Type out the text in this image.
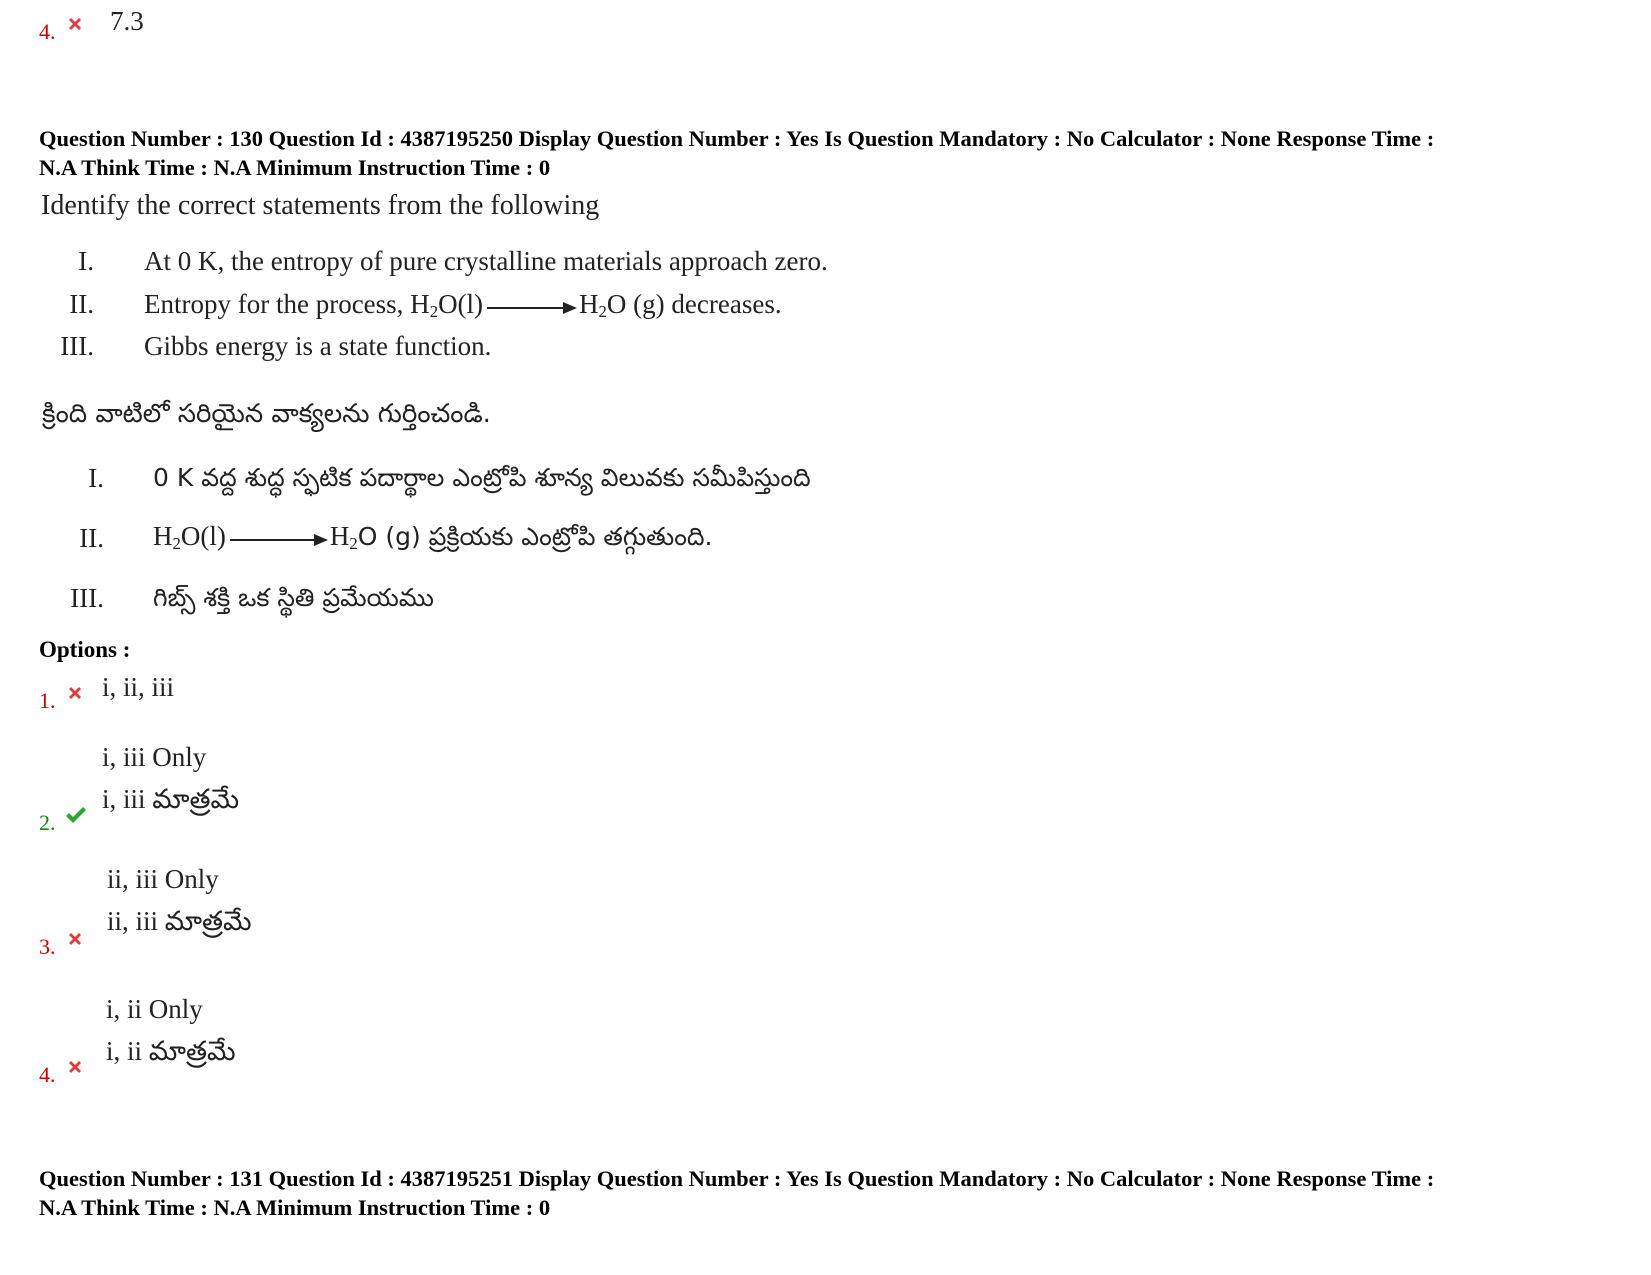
4. 7.3
Question Number : 130 Question Id : 4387195250 Display Question Number : Yes Is Question Mandatory : No Calculator : None Response Time :
N.A Think Time : N.A Minimum Instruction Time : 0
Identify the correct statements from the following
I. At 0 K, the entropy of pure crystalline materials approach zero.
II. Entropy for the process, $H_2O(l) \to H_2O$ (g) decreases.
III. Gibbs energy is a state function.
క్రింది వాటిలో సరియైన వాక్యలను గుర్తించండి.
I. 0 K వద్ద శుద్ధ స్ఫటిక పదార్థాల ఎంట్రోపి శూన్య విలువకు సమీపిస్తుంది
II. $H_2O(l) \to H_2O$ (g) ప్రక్రియకు ఎంట్రోపి తగ్గుతుంది.
III. గిబ్స్ శక్తి ఒక స్థితి ప్రమేయము
Options :
1. i, ii, iii
i, iii Only
i, iii మాత్రమే
2.
ii, iii Only
ii, iii మాత్రమే
3.
i, ii Only
i, ii మాత్రమే
4.
Question Number : 131 Question Id : 4387195251 Display Question Number : Yes Is Question Mandatory : No Calculator : None Response Time :
N.A Think Time : N.A Minimum Instruction Time : 0
